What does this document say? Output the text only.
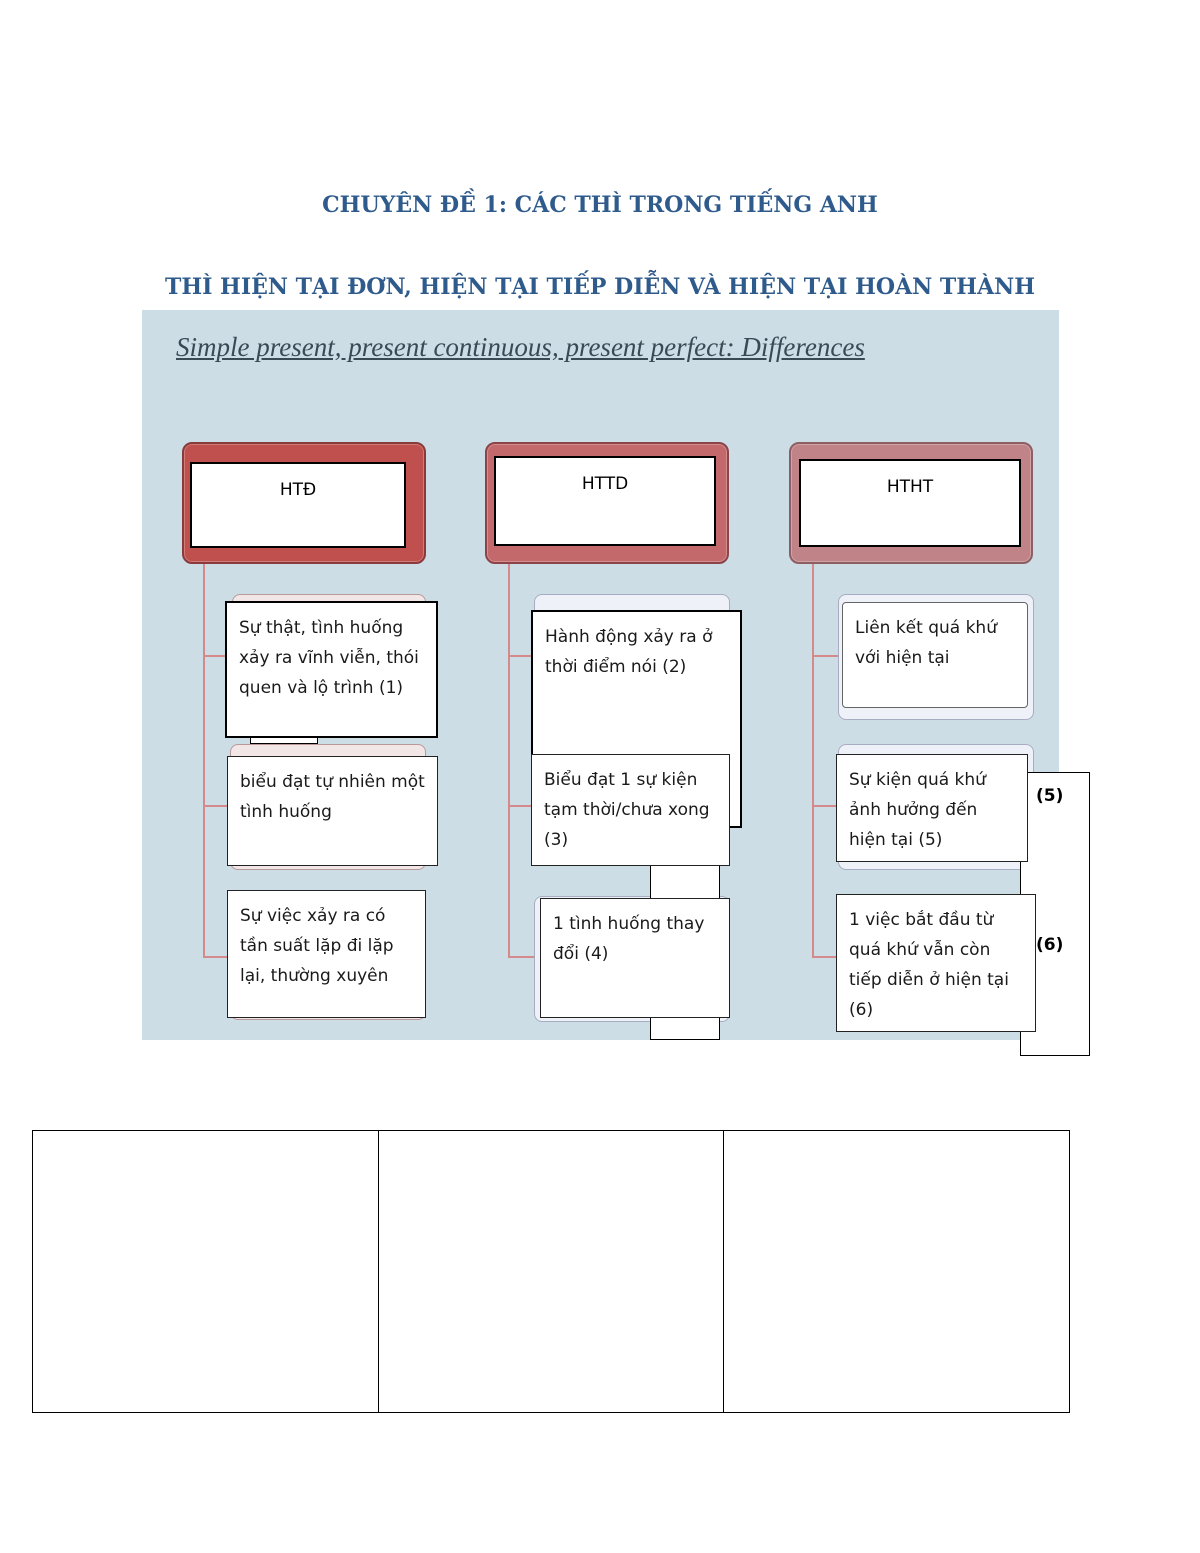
CHUYÊN ĐỀ 1: CÁC THÌ TRONG TIẾNG ANH
THÌ HIỆN TẠI ĐƠN, HIỆN TẠI TIẾP DIỄN VÀ HIỆN TẠI HOÀN THÀNH
Simple present, present continuous, present perfect: Differences
HTĐ	HTTD	HTHT
Sự thật, tình huống xảy ra vĩnh viễn, thói quen và lộ trình (1)
biểu đạt tự nhiên một tình huống
Sự việc xảy ra có tần suất lặp đi lặp lại, thường xuyên
Hành động xảy ra ở thời điểm nói (2)
Biểu đạt 1 sự kiện tạm thời/chưa xong (3)
1 tình huống thay đổi (4)
Liên kết quá khứ với hiện tại
Sự kiện quá khứ ảnh hưởng đến hiện tại (5)
1 việc bắt đầu từ quá khứ vẫn còn tiếp diễn ở hiện tại (6)
(5)
(6)
